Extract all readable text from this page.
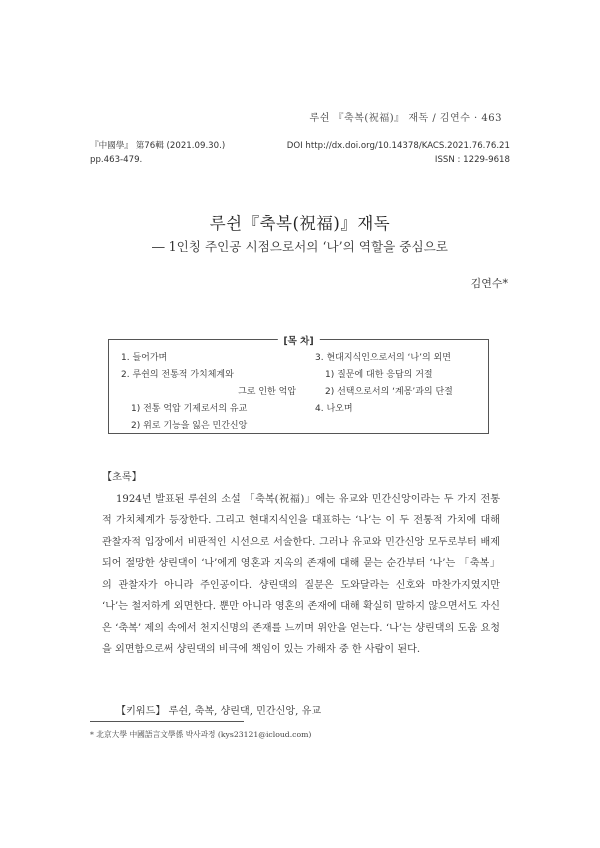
루쉰 『축복(祝福)』 재독 / 김연수 · 463
『中國學』 第76輯 (2021.09.30.)	DOI http://dx.doi.org/10.14378/KACS.2021.76.76.21
pp.463-479.	ISSN : 1229-9618
루쉰『축복(祝福)』재독
― 1인칭 주인공 시점으로서의 ‘나’의 역할을 중심으로
김연수*
[목 차]
1. 들어가며
2. 루쉰의 전통적 가치체계와
그로 인한 억압
1) 전통 억압 기제로서의 유교
2) 위로 기능을 잃은 민간신앙
3. 현대지식인으로서의 ‘나’의 외면
1) 질문에 대한 응답의 거절
2) 선택으로서의 ‘계몽’과의 단절
4. 나오며
【초록】
1924년 발표된 루쉰의 소설 「축복(祝福)」에는 유교와 민간신앙이라는 두 가지 전통적 가치체계가 등장한다. 그리고 현대지식인을 대표하는 ‘나’는 이 두 전통적 가치에 대해 관찰자적 입장에서 비판적인 시선으로 서술한다. 그러나 유교와 민간신앙 모두로부터 배제되어 절망한 샹린댁이 ‘나’에게 영혼과 지옥의 존재에 대해 묻는 순간부터 ‘나’는 「축복」의 관찰자가 아니라 주인공이다. 샹린댁의 질문은 도와달라는 신호와 마찬가지였지만 ‘나’는 철저하게 외면한다. 뿐만 아니라 영혼의 존재에 대해 확실히 말하지 않으면서도 자신은 ‘축복’ 제의 속에서 천지신명의 존재를 느끼며 위안을 얻는다. ‘나’는 샹린댁의 도움 요청을 외면함으로써 샹린댁의 비극에 책임이 있는 가해자 중 한 사람이 된다.
【키워드】 루쉰, 축복, 샹린댁, 민간신앙, 유교
* 北京大學 中國語言文學係 박사과정 (kys23121@icloud.com)
